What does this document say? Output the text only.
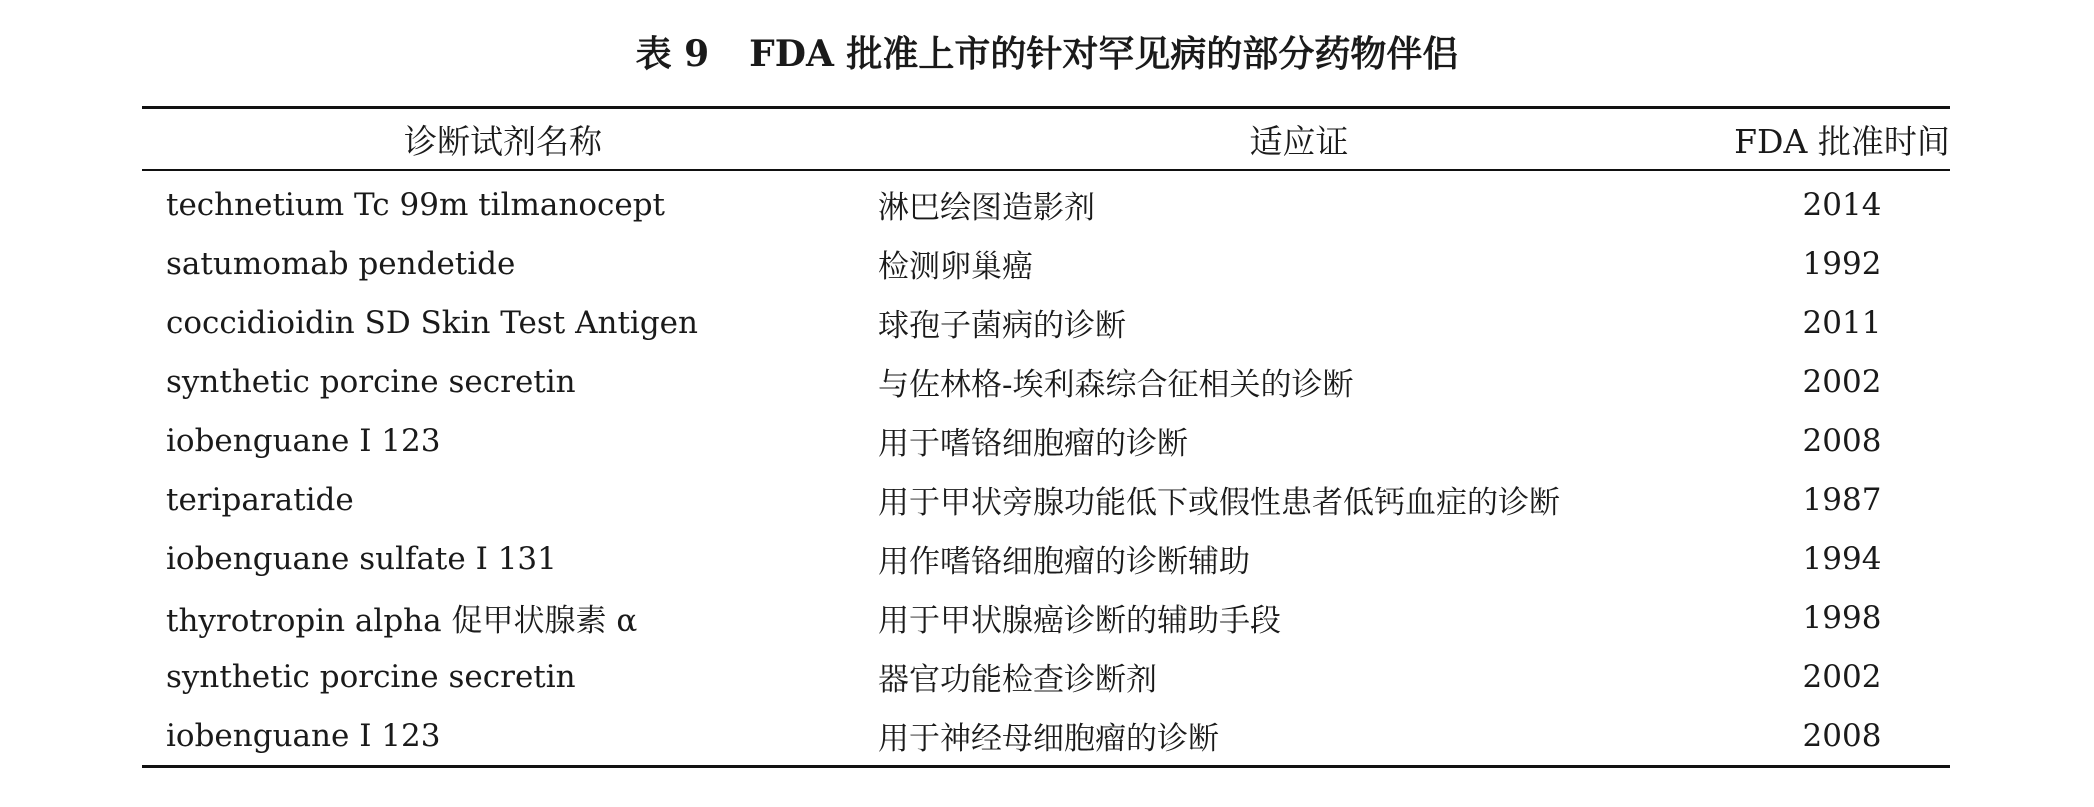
表 9 FDA 批准上市的针对罕见病的部分药物伴侣
诊断试剂名称	适应证	FDA 批准时间
technetium Tc 99m tilmanocept	淋巴绘图造影剂	2014
satumomab pendetide	检测卵巢癌	1992
coccidioidin SD Skin Test Antigen	球孢子菌病的诊断	2011
synthetic porcine secretin	与佐林格-埃利森综合征相关的诊断	2002
iobenguane Ⅰ 123	用于嗜铬细胞瘤的诊断	2008
teriparatide	用于甲状旁腺功能低下或假性患者低钙血症的诊断	1987
iobenguane sulfate Ⅰ 131	用作嗜铬细胞瘤的诊断辅助	1994
thyrotropin alpha 促甲状腺素 α	用于甲状腺癌诊断的辅助手段	1998
synthetic porcine secretin	器官功能检查诊断剂	2002
iobenguane Ⅰ 123	用于神经母细胞瘤的诊断	2008
